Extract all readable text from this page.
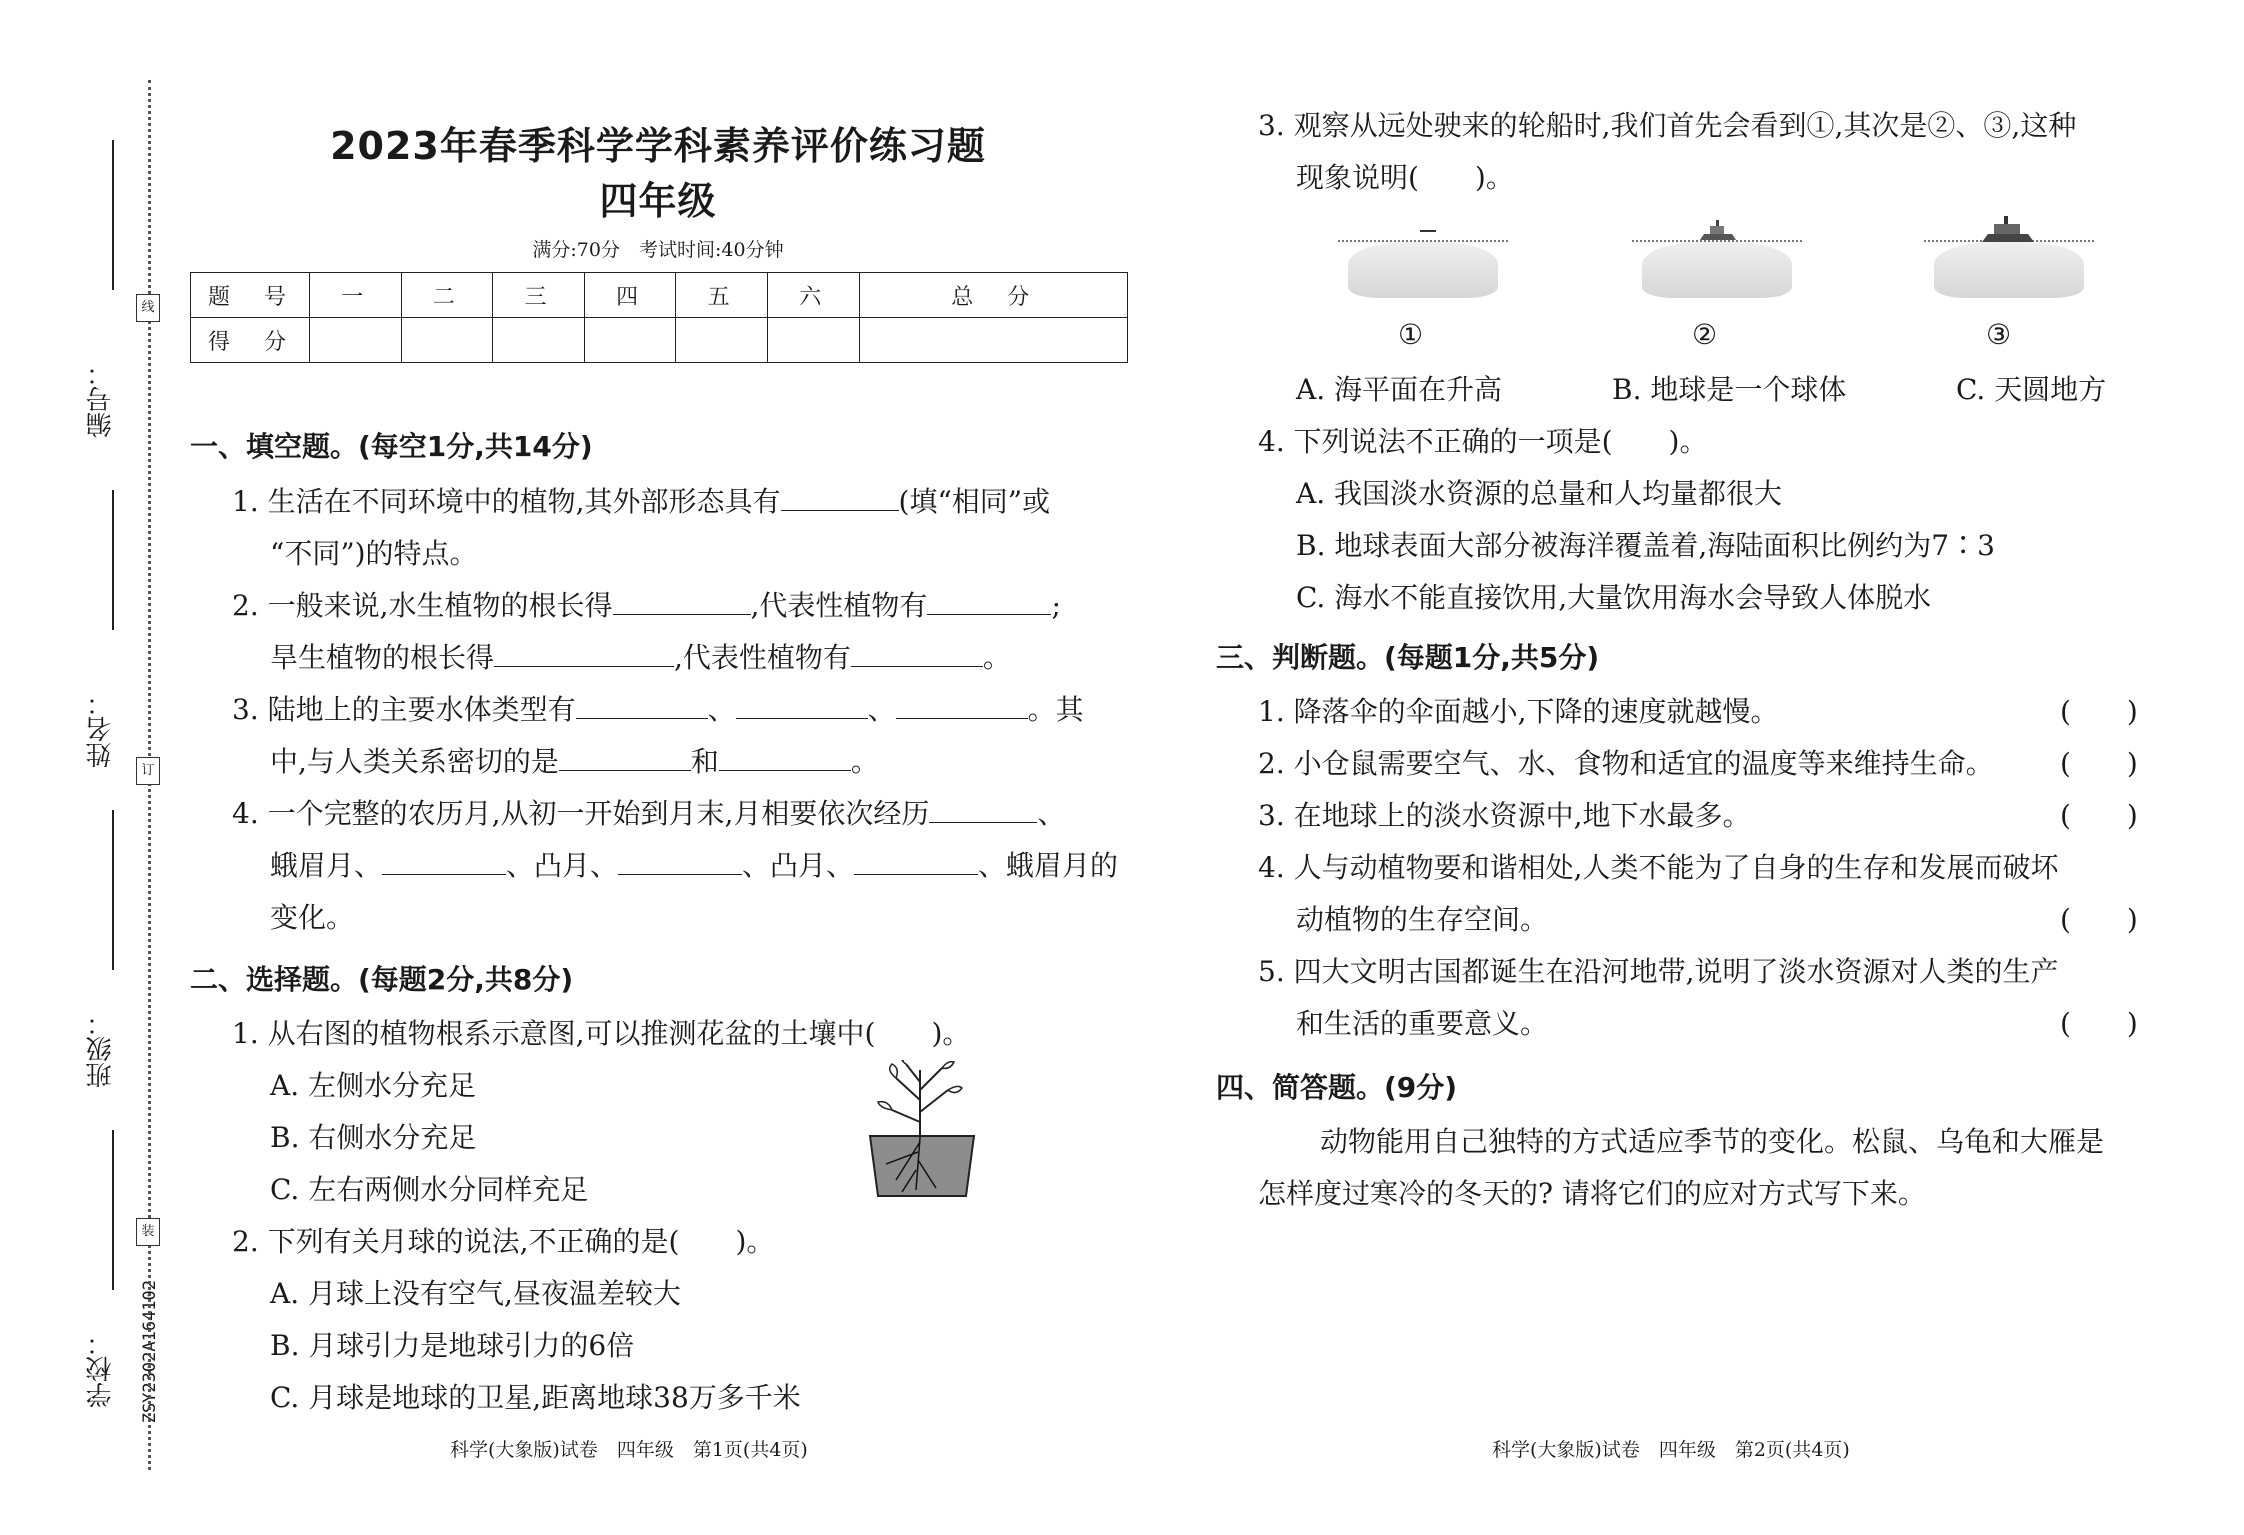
编号：
姓名：
班级：
学校： ZSY2302A164102
线
订
装
2023年春季科学学科素养评价练习题
四年级
满分:70分　考试时间:40分钟
题　号	一	二	三	四	五	六	总　分
得　分							
一、填空题。(每空1分,共14分)
1. 生活在不同环境中的植物,其外部形态具有	(填“相同”或
“不同”)的特点。
2. 一般来说,水生植物的根长得	,代表性植物有	;
旱生植物的根长得	,代表性植物有	。
3. 陆地上的主要水体类型有	、	、	。其
中,与人类关系密切的是	和	。
4. 一个完整的农历月,从初一开始到月末,月相要依次经历	、
蛾眉月、	、凸月、	、凸月、	、蛾眉月的
变化。
二、选择题。(每题2分,共8分)
1. 从右图的植物根系示意图,可以推测花盆的土壤中(　　)。
A. 左侧水分充足
B. 右侧水分充足
C. 左右两侧水分同样充足
2. 下列有关月球的说法,不正确的是(　　)。
A. 月球上没有空气,昼夜温差较大
B. 月球引力是地球引力的6倍
C. 月球是地球的卫星,距离地球38万多千米
科学(大象版)试卷　四年级　第1页(共4页)
3. 观察从远处驶来的轮船时,我们首先会看到①,其次是②、③,这种
现象说明(　　)。
①	②	③
A. 海平面在升高	B. 地球是一个球体	C. 天圆地方
4. 下列说法不正确的一项是(　　)。
A. 我国淡水资源的总量和人均量都很大
B. 地球表面大部分被海洋覆盖着,海陆面积比例约为7∶3
C. 海水不能直接饮用,大量饮用海水会导致人体脱水
三、判断题。(每题1分,共5分)
1. 降落伞的伞面越小,下降的速度就越慢。	(　　)
2. 小仓鼠需要空气、水、食物和适宜的温度等来维持生命。 (　　)
3. 在地球上的淡水资源中,地下水最多。	(　　)
4. 人与动植物要和谐相处,人类不能为了自身的生存和发展而破坏
动植物的生存空间。	(　　)
5. 四大文明古国都诞生在沿河地带,说明了淡水资源对人类的生产
和生活的重要意义。	(　　)
四、简答题。(9分)
动物能用自己独特的方式适应季节的变化。松鼠、乌龟和大雁是
怎样度过寒冷的冬天的? 请将它们的应对方式写下来。
科学(大象版)试卷　四年级　第2页(共4页)
